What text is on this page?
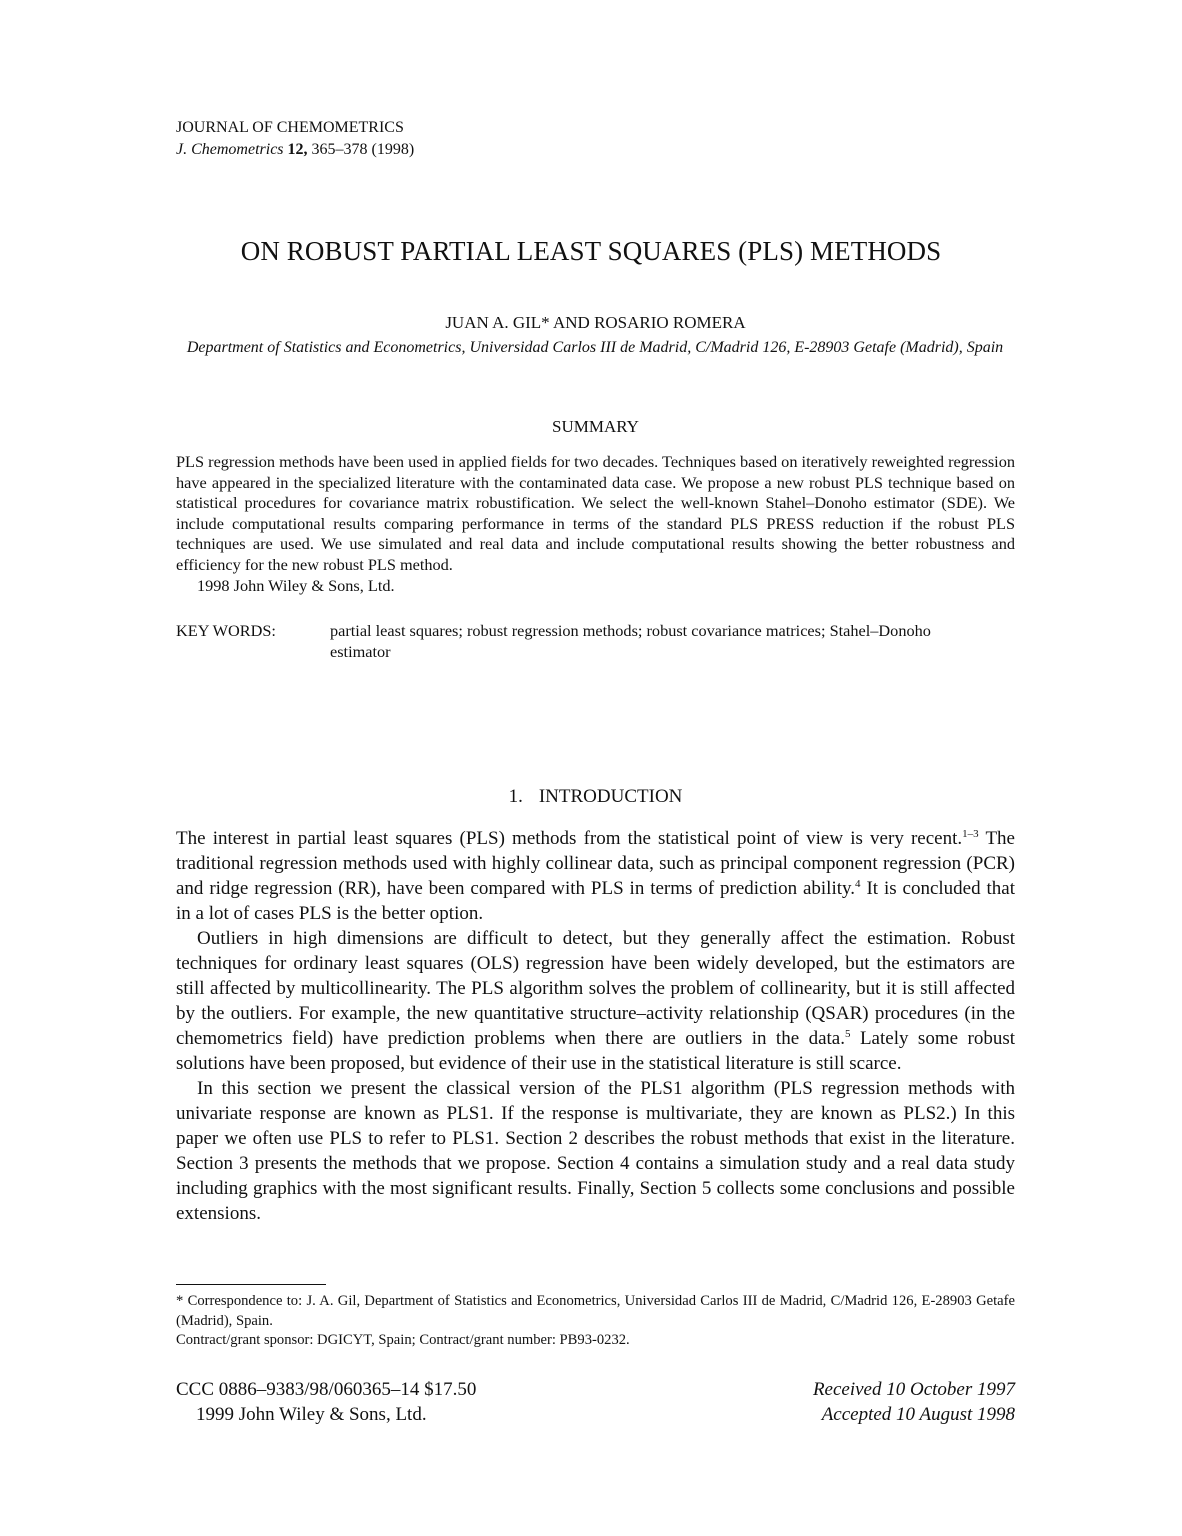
JOURNAL OF CHEMOMETRICS
J. Chemometrics 12, 365–378 (1998)
ON ROBUST PARTIAL LEAST SQUARES (PLS) METHODS
JUAN A. GIL* AND ROSARIO ROMERA
Department of Statistics and Econometrics, Universidad Carlos III de Madrid, C/Madrid 126, E-28903 Getafe (Madrid), Spain
SUMMARY

PLS regression methods have been used in applied fields for two decades. Techniques based on iteratively reweighted regression have appeared in the specialized literature with the contaminated data case. We propose a new robust PLS technique based on statistical procedures for covariance matrix robustification. We select the well-known Stahel–Donoho estimator (SDE). We include computational results comparing performance in terms of the standard PLS PRESS reduction if the robust PLS techniques are used. We use simulated and real data and include computational results showing the better robustness and efficiency for the new robust PLS method.

1998 John Wiley & Sons, Ltd.
KEY WORDS:	partial least squares; robust regression methods; robust covariance matrices; Stahel–Donoho estimator
1. INTRODUCTION

The interest in partial least squares (PLS) methods from the statistical point of view is very recent.$^{1-3}$ The traditional regression methods used with highly collinear data, such as principal component regression (PCR) and ridge regression (RR), have been compared with PLS in terms of prediction ability.$^4$ It is concluded that in a lot of cases PLS is the better option.

Outliers in high dimensions are difficult to detect, but they generally affect the estimation. Robust techniques for ordinary least squares (OLS) regression have been widely developed, but the estimators are still affected by multicollinearity. The PLS algorithm solves the problem of collinearity, but it is still affected by the outliers. For example, the new quantitative structure–activity relationship (QSAR) procedures (in the chemometrics field) have prediction problems when there are outliers in the data.$^5$ Lately some robust solutions have been proposed, but evidence of their use in the statistical literature is still scarce.

In this section we present the classical version of the PLS1 algorithm (PLS regression methods with univariate response are known as PLS1. If the response is multivariate, they are known as PLS2.) In this paper we often use PLS to refer to PLS1. Section 2 describes the robust methods that exist in the literature. Section 3 presents the methods that we propose. Section 4 contains a simulation study and a real data study including graphics with the most significant results. Finally, Section 5 collects some conclusions and possible extensions.

* Correspondence to: J. A. Gil, Department of Statistics and Econometrics, Universidad Carlos III de Madrid, C/Madrid 126, E-28903 Getafe (Madrid), Spain.

Contract/grant sponsor: DGICYT, Spain; Contract/grant number: PB93-0232.

CCC 0886–9383/98/060365–14 $17.50
1999 John Wiley & Sons, Ltd.
Received 10 October 1997
Accepted 10 August 1998
